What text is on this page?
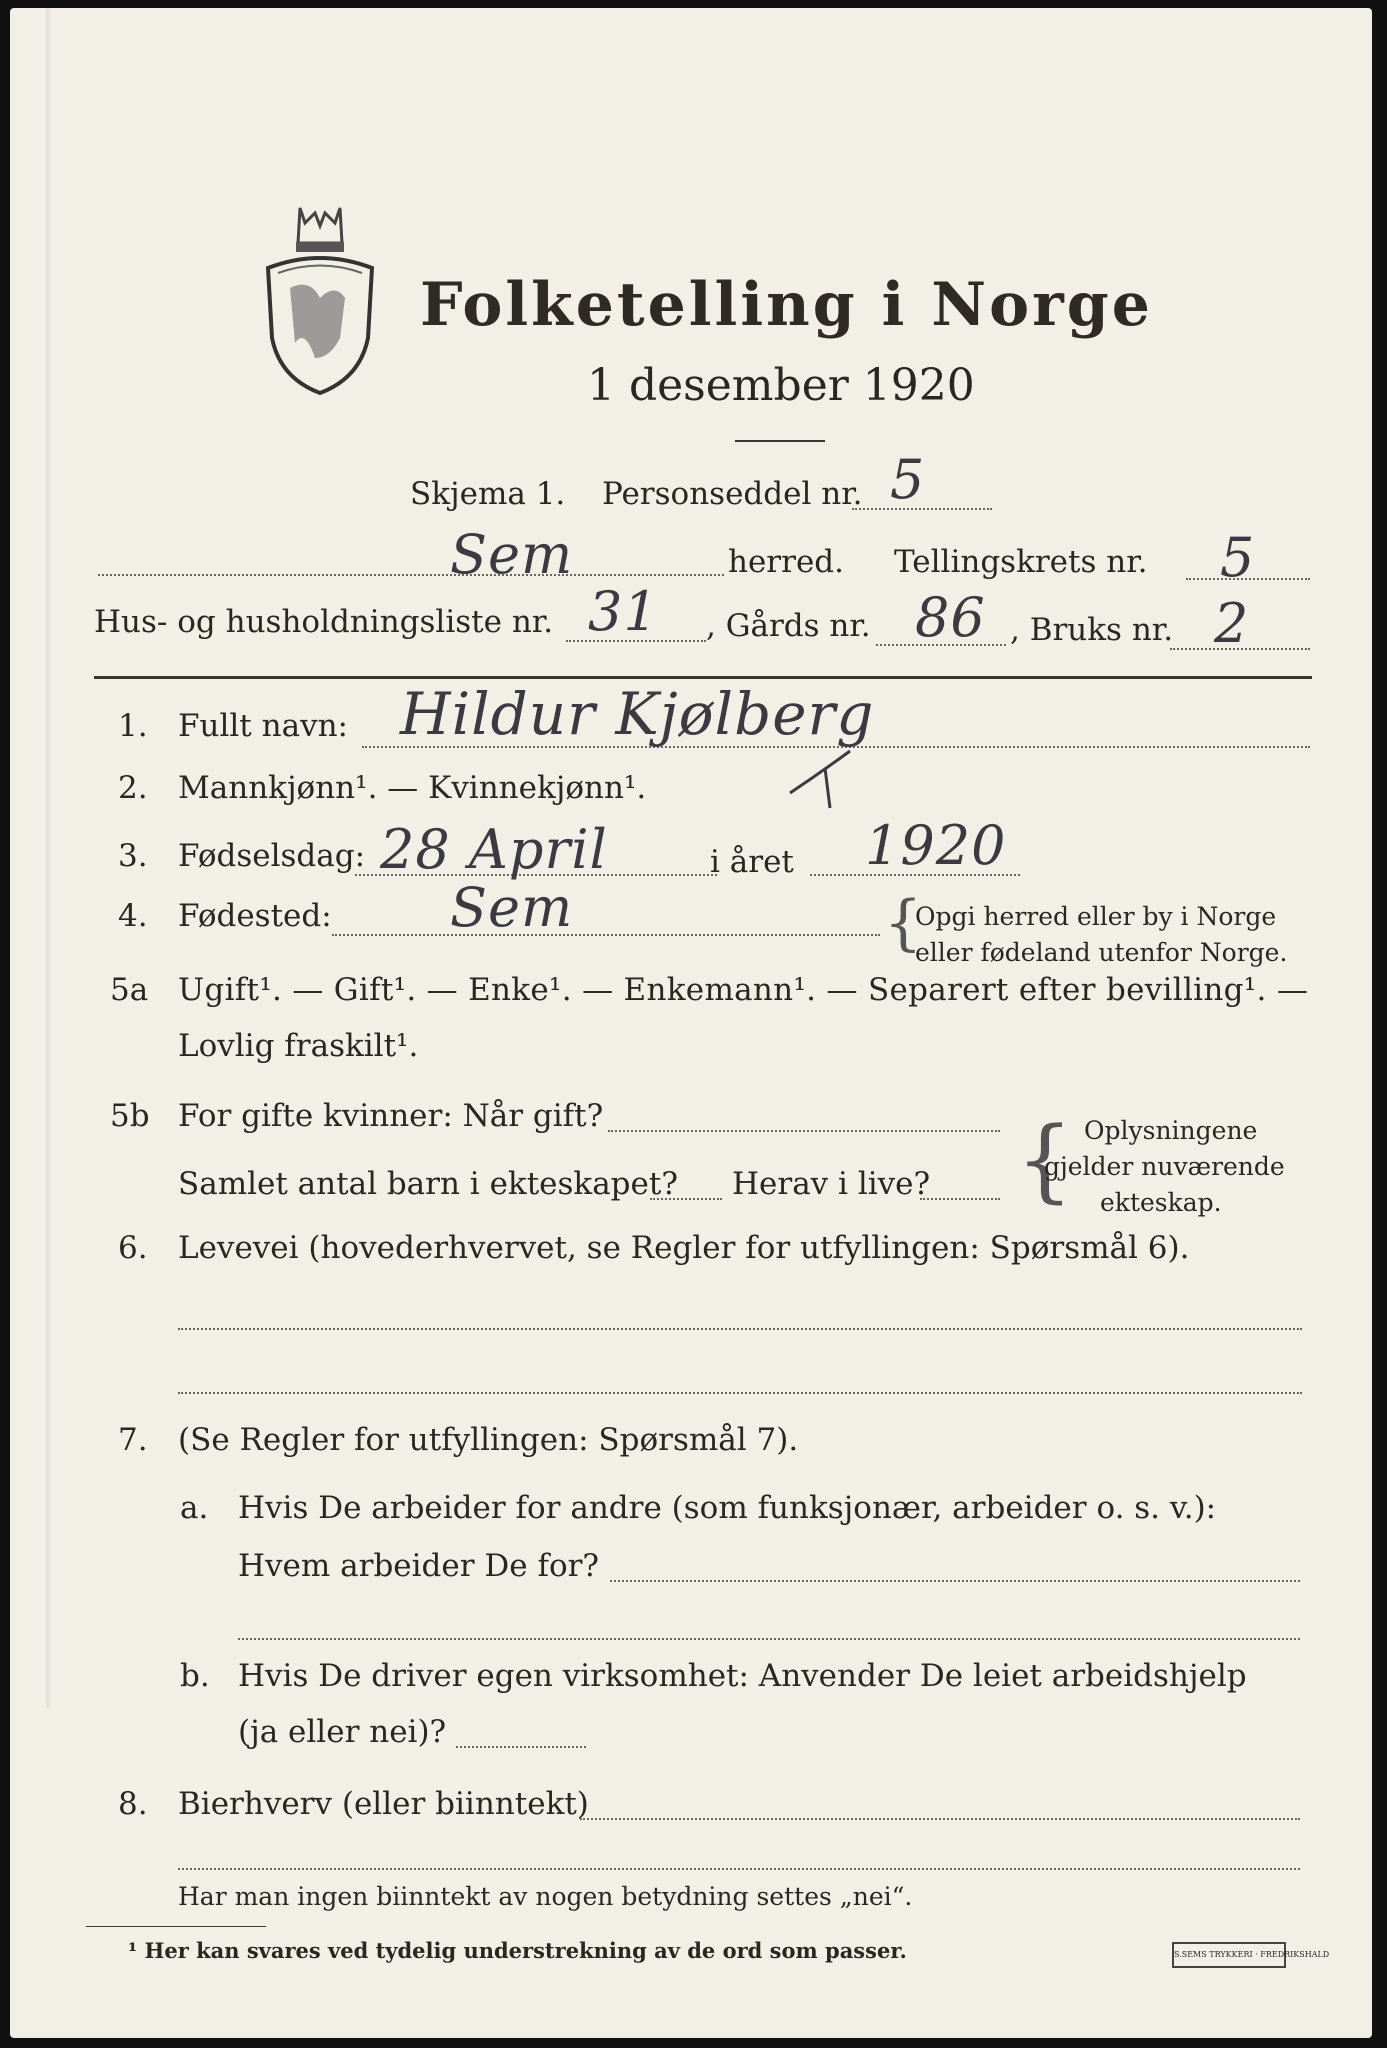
Folketelling i Norge
1 desember 1920
Skjema 1. Personseddel nr. 5
Sem	herred. Tellingskrets nr. 5
Hus- og husholdningsliste nr. 31 , Gårds nr. 86 , Bruks nr. 2
1. Fullt navn: Hildur Kjølberg
2. Mannkjønn¹. — Kvinnekjønn¹.
3. Fødselsdag: 28 April	i året 1920
4. Fødested: Sem	{
Opgi herred eller by i Norge
eller fødeland utenfor Norge.
5a Ugift¹. — Gift¹. — Enke¹. — Enkemann¹. — Separert efter bevilling¹. —
Lovlig fraskilt¹.
5b For gifte kvinner: Når gift?
Samlet antal barn i ekteskapet? Herav i live? { Oplysningene
gjelder nuværende
ekteskap.
6. Levevei (hovederhvervet, se Regler for utfyllingen: Spørsmål 6).
7. (Se Regler for utfyllingen: Spørsmål 7).
a. Hvis De arbeider for andre (som funksjonær, arbeider o. s. v.):
Hvem arbeider De for?
b. Hvis De driver egen virksomhet: Anvender De leiet arbeidshjelp
(ja eller nei)?
8. Bierhverv (eller biinntekt)
Har man ingen biinntekt av nogen betydning settes „nei“.
¹ Her kan svares ved tydelig understrekning av de ord som passer.	S.SEMS TRYKKERI · FREDRIKSHALD
